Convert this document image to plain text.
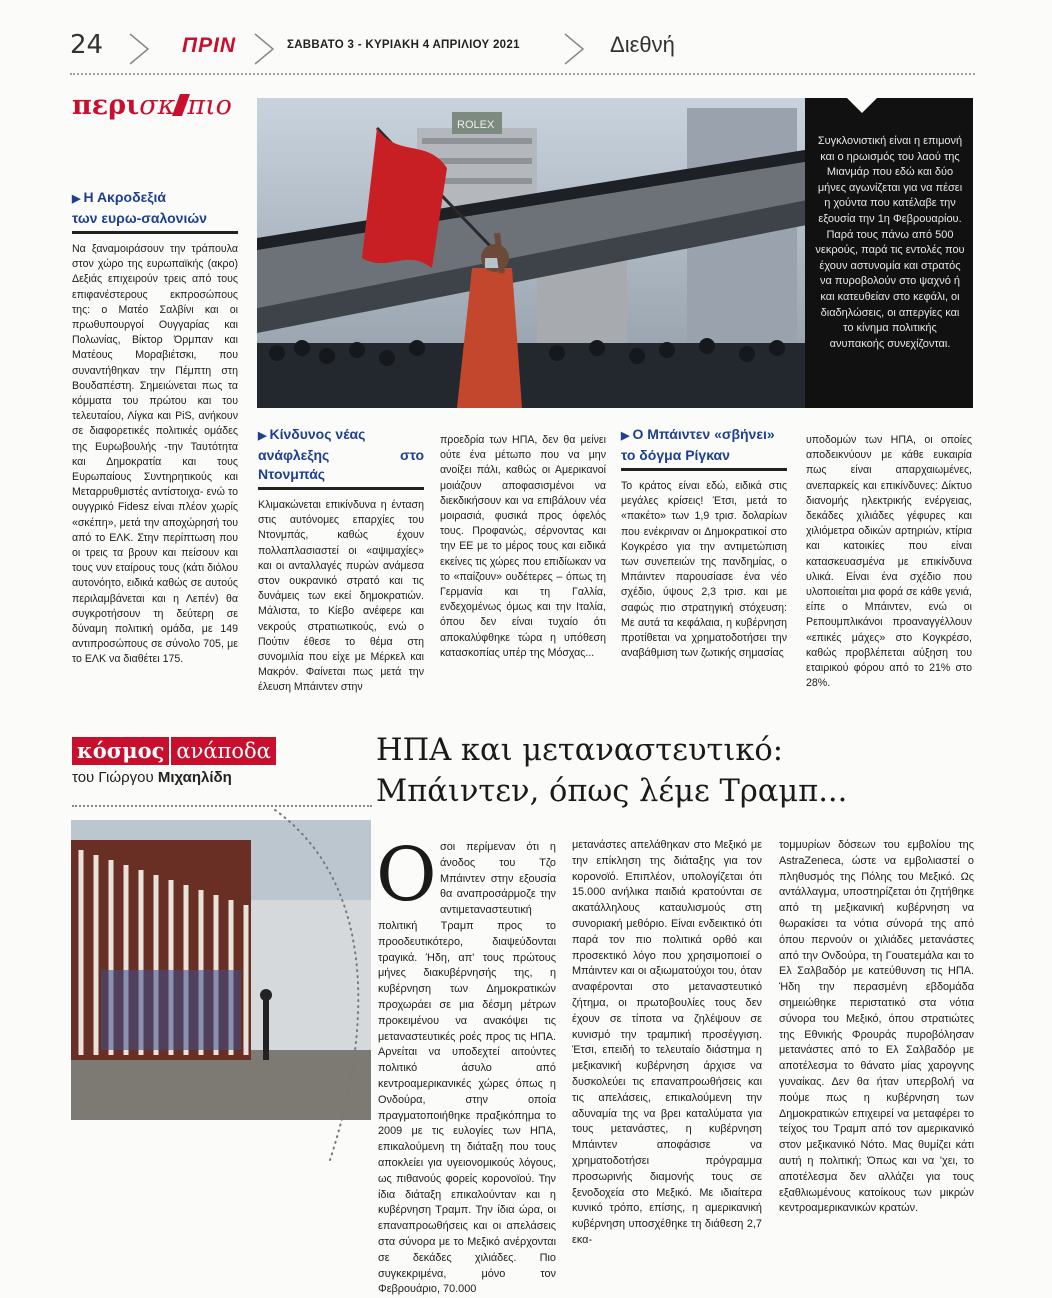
24	ΠΡΙΝ	ΣΑΒΒΑΤΟ 3 - ΚΥΡΙΑΚΗ 4 ΑΠΡΙΛΙΟΥ 2021	Διεθνή
περισκ πιο
▶ Η Ακροδεξιά
των ευρω-σαλονιών

Να ξαναμοιράσουν την τράπουλα στον χώρο της ευρωπαϊκής (ακρο) Δεξιάς επιχειρούν τρεις από τους επιφανέστερους εκπροσώπους της: ο Ματέο Σαλβίνι και οι πρωθυπουργοί Ουγγαρίας και Πολωνίας, Βίκτορ Όρμπαν και Ματέους Μοραβιέτσκι, που συναντήθηκαν την Πέμπτη στη Βουδαπέστη. Σημειώνεται πως τα κόμματα του πρώτου και του τελευταίου, Λίγκα και PiS, ανήκουν σε διαφορετικές πολιτικές ομάδες της Ευρωβουλής -την Ταυτότητα και Δημοκρατία και τους Ευρωπαίους Συντηρητικούς και Μεταρρυθμιστές αντίστοιχα- ενώ το ουγγρικό Fidesz είναι πλέον χωρίς «σκέπη», μετά την αποχώρησή του από το ΕΛΚ. Στην περίπτωση που οι τρεις τα βρουν και πείσουν και τους νυν εταίρους τους (κάτι διόλου αυτονόητο, ειδικά καθώς σε αυτούς περιλαμβάνεται και η Λεπέν) θα συγκροτήσουν τη δεύτερη σε δύναμη πολιτική ομάδα, με 149 αντιπροσώπους σε σύνολο 705, με το ΕΛΚ να διαθέτει 175.

ROLEX
Συγκλονιστική είναι η επιμονή και ο ηρωισμός του λαού της Μιανμάρ που εδώ και δύο μήνες αγωνίζεται για να πέσει η χούντα που κατέλαβε την εξουσία την 1η Φεβρουαρίου. Παρά τους πάνω από 500 νεκρούς, παρά τις εντολές που έχουν αστυνομία και στρατός να πυροβολούν στο ψαχνό ή και κατευθείαν στο κεφάλι, οι διαδηλώσεις, οι απεργίες και το κίνημα πολιτικής ανυπακοής συνεχίζονται.
▶ Κίνδυνος νέας
ανάφλεξης στο Ντονμπάς

Κλιμακώνεται επικίνδυνα η ένταση στις αυτόνομες επαρχίες του Ντονμπάς, καθώς έχουν πολλαπλασιαστεί οι «αψιμαχίες» και οι ανταλλαγές πυρών ανάμεσα στον ουκρανικό στρατό και τις δυνάμεις των εκεί δημοκρατιών. Μάλιστα, το Κίεβο ανέφερε και νεκρούς στρατιωτικούς, ενώ ο Πούτιν έθεσε το θέμα στη συνομιλία που είχε με Μέρκελ και Μακρόν. Φαίνεται πως μετά την έλευση Μπάιντεν στην

προεδρία των ΗΠΑ, δεν θα μείνει ούτε ένα μέτωπο που να μην ανοίξει πάλι, καθώς οι Αμερικανοί μοιάζουν αποφασισμένοι να διεκδικήσουν και να επιβάλουν νέα μοιρασιά, φυσικά προς όφελός τους. Προφανώς, σέρνοντας και την ΕΕ με το μέρος τους και ειδικά εκείνες τις χώρες που επιδίωκαν να το «παίζουν» ουδέτερες – όπως τη Γερμανία και τη Γαλλία, ενδεχομένως όμως και την Ιταλία, όπου δεν είναι τυχαίο ότι αποκαλύφθηκε τώρα η υπόθεση κατασκοπίας υπέρ της Μόσχας...

▶ Ο Μπάιντεν «σβήνει»
το δόγμα Ρίγκαν

Το κράτος είναι εδώ, ειδικά στις μεγάλες κρίσεις! Έτσι, μετά το «πακέτο» των 1,9 τρισ. δολαρίων που ενέκριναν οι Δημοκρατικοί στο Κογκρέσο για την αντιμετώπιση των συνεπειών της πανδημίας, ο Μπάιντεν παρουσίασε ένα νέο σχέδιο, ύψους 2,3 τρισ. και με σαφώς πιο στρατηγική στόχευση: Με αυτά τα κεφάλαια, η κυβέρνηση προτίθεται να χρηματοδοτήσει την αναβάθμιση των ζωτικής σημασίας

υποδομών των ΗΠΑ, οι οποίες αποδεικνύουν με κάθε ευκαιρία πως είναι απαρχαιωμένες, ανεπαρκείς και επικίνδυνες: Δίκτυο διανομής ηλεκτρικής ενέργειας, δεκάδες χιλιάδες γέφυρες και χιλιόμετρα οδικών αρτηριών, κτίρια και κατοικίες που είναι κατασκευασμένα με επικίνδυνα υλικά. Είναι ένα σχέδιο που υλοποιείται μια φορά σε κάθε γενιά, είπε ο Μπάιντεν, ενώ οι Ρεπουμπλικάνοι προαναγγέλλουν «επικές μάχες» στο Κογκρέσο, καθώς προβλέπεται αύξηση του εταιρικού φόρου από το 21% στο 28%.

κόσμος ανάποδα
του Γιώργου Μιχαηλίδη
ΗΠΑ και μεταναστευτικό:
Μπάιντεν, όπως λέμε Τραμπ...
Ο σοι περίμεναν ότι η άνοδος του Τζο Μπάιντεν στην εξουσία θα αναπροσάρμοζε την αντιμεταναστευτική πολιτική Τραμπ προς το προοδευτικότερο, διαψεύδονται τραγικά. Ήδη, απ' τους πρώτους μήνες διακυβέρνησής της, η κυβέρνηση των Δημοκρατικών προχωράει σε μια δέσμη μέτρων προκειμένου να ανακόψει τις μεταναστευτικές ροές προς τις ΗΠΑ. Αρνείται να υποδεχτεί αιτούντες πολιτικό άσυλο από κεντροαμερικανικές χώρες όπως η Ονδούρα, στην οποία πραγματοποιήθηκε πραξικόπημα το 2009 με τις ευλογίες των ΗΠΑ, επικαλούμενη τη διάταξη που τους αποκλείει για υγειονομικούς λόγους, ως πιθανούς φορείς κορονοϊού. Την ίδια διάταξη επικαλούνταν και η κυβέρνηση Τραμπ. Την ίδια ώρα, οι επαναπροωθήσεις και οι απελάσεις στα σύνορα με το Μεξικό ανέρχονται σε δεκάδες χιλιάδες. Πιο συγκεκριμένα, μόνο τον Φεβρουάριο, 70.000

μετανάστες απελάθηκαν στο Μεξικό με την επίκληση της διάταξης για τον κορονοϊό. Επιπλέον, υπολογίζεται ότι 15.000 ανήλικα παιδιά κρατούνται σε ακατάλληλους καταυλισμούς στη συνοριακή μεθόριο. Είναι ενδεικτικό ότι παρά τον πιο πολιτικά ορθό και προσεκτικό λόγο που χρησιμοποιεί ο Μπάιντεν και οι αξιωματούχοι του, όταν αναφέρονται στο μεταναστευτικό ζήτημα, οι πρωτοβουλίες τους δεν έχουν σε τίποτα να ζηλέψουν σε κυνισμό την τραμπική προσέγγιση. Έτσι, επειδή το τελευταίο διάστημα η μεξικανική κυβέρνηση άρχισε να δυσκολεύει τις επαναπροωθήσεις και τις απελάσεις, επικαλούμενη την αδυναμία της να βρει καταλύματα για τους μετανάστες, η κυβέρνηση Μπάιντεν αποφάσισε να χρηματοδοτήσει πρόγραμμα προσωρινής διαμονής τους σε ξενοδοχεία στο Μεξικό. Με ιδιαίτερα κυνικό τρόπο, επίσης, η αμερικανική κυβέρνηση υποσχέθηκε τη διάθεση 2,7 εκα-

τομμυρίων δόσεων του εμβολίου της AstraZeneca, ώστε να εμβολιαστεί ο πληθυσμός της Πόλης του Μεξικό. Ως αντάλλαγμα, υποστηρίζεται ότι ζητήθηκε από τη μεξικανική κυβέρνηση να θωρακίσει τα νότια σύνορά της από όπου περνούν οι χιλιάδες μετανάστες από την Ονδούρα, τη Γουατεμάλα και το Ελ Σαλβαδόρ με κατεύθυνση τις ΗΠΑ. Ήδη την περασμένη εβδομάδα σημειώθηκε περιστατικό στα νότια σύνορα του Μεξικό, όπου στρατιώτες της Εθνικής Φρουράς πυροβόλησαν μετανάστες από το Ελ Σαλβαδόρ με αποτέλεσμα το θάνατο μίας χαρογνης γυναίκας. Δεν θα ήταν υπερβολή να πούμε πως η κυβέρνηση των Δημοκρατικών επιχειρεί να μεταφέρει το τείχος του Τραμπ από τον αμερικανικό στον μεξικανικό Νότο. Μας θυμίζει κάτι αυτή η πολιτική; Όπως και να 'χει, το αποτέλεσμα δεν αλλάζει για τους εξαθλιωμένους κατοίκους των μικρών κεντροαμερικανικών κρατών.
